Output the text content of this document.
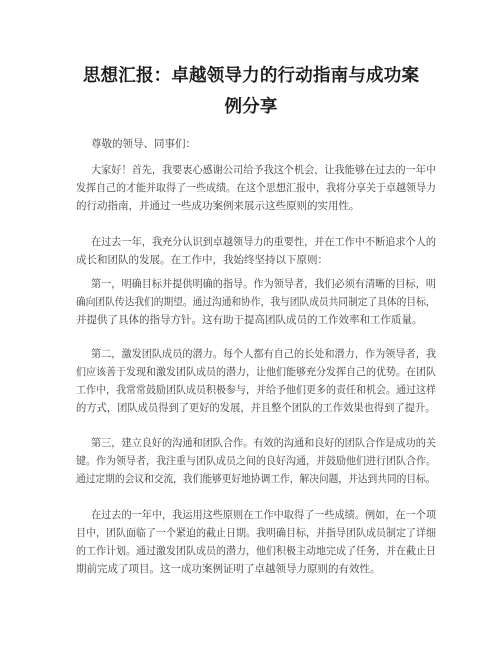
思想汇报：卓越领导力的行动指南与成功案
例分享
尊敬的领导、同事们：
大家好！首先，我要衷心感谢公司给予我这个机会，让我能够在过去的一年中
发挥自己的才能并取得了一些成绩。在这个思想汇报中，我将分享关于卓越领导力
的行动指南，并通过一些成功案例来展示这些原则的实用性。
在过去一年，我充分认识到卓越领导力的重要性，并在工作中不断追求个人的
成长和团队的发展。在工作中，我始终坚持以下原则：
第一，明确目标并提供明确的指导。作为领导者，我们必须有清晰的目标，明
确向团队传达我们的期望。通过沟通和协作，我与团队成员共同制定了具体的目标，
并提供了具体的指导方针。这有助于提高团队成员的工作效率和工作质量。
第二，激发团队成员的潜力。每个人都有自己的长处和潜力，作为领导者，我
们应该善于发现和激发团队成员的潜力，让他们能够充分发挥自己的优势。在团队
工作中，我常常鼓励团队成员积极参与，并给予他们更多的责任和机会。通过这样
的方式，团队成员得到了更好的发展，并且整个团队的工作效果也得到了提升。
第三，建立良好的沟通和团队合作。有效的沟通和良好的团队合作是成功的关
键。作为领导者，我注重与团队成员之间的良好沟通，并鼓励他们进行团队合作。
通过定期的会议和交流，我们能够更好地协调工作，解决问题，并达到共同的目标。
在过去的一年中，我运用这些原则在工作中取得了一些成绩。例如，在一个项
目中，团队面临了一个紧迫的截止日期。我明确目标，并指导团队成员制定了详细
的工作计划。通过激发团队成员的潜力，他们积极主动地完成了任务，并在截止日
期前完成了项目。这一成功案例证明了卓越领导力原则的有效性。
